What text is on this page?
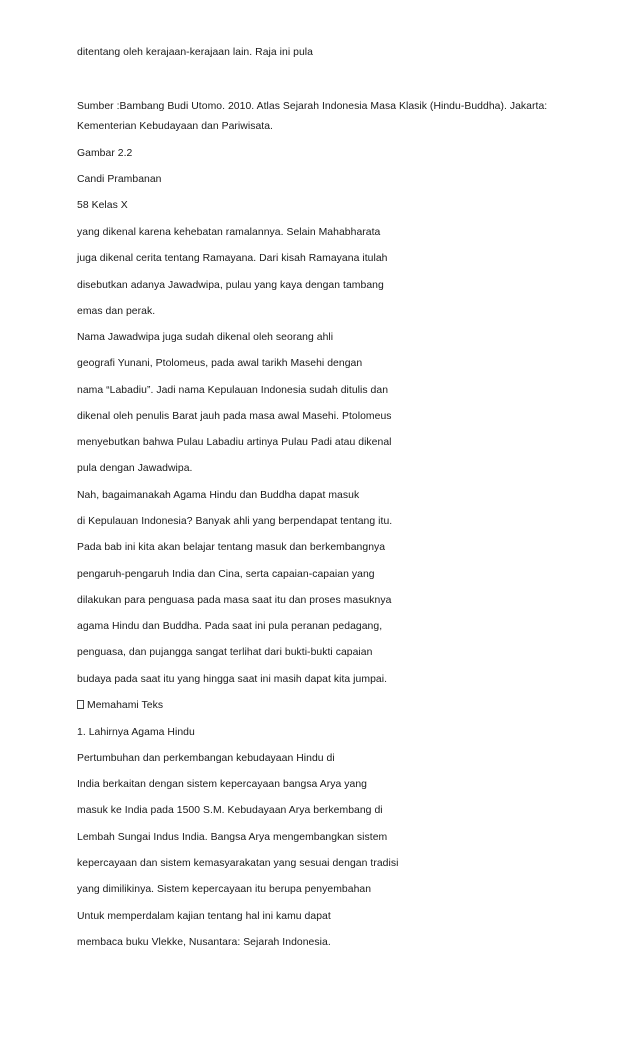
ditentang oleh kerajaan-kerajaan lain. Raja ini pula
Sumber :Bambang Budi Utomo. 2010. Atlas Sejarah Indonesia Masa Klasik (Hindu-Buddha). Jakarta:
Kementerian Kebudayaan dan Pariwisata.
Gambar 2.2
Candi Prambanan
58 Kelas X
yang dikenal karena kehebatan ramalannya. Selain Mahabharata
juga dikenal cerita tentang Ramayana. Dari kisah Ramayana itulah
disebutkan adanya Jawadwipa, pulau yang kaya dengan tambang
emas dan perak.
Nama Jawadwipa juga sudah dikenal oleh seorang ahli
geografi Yunani, Ptolomeus, pada awal tarikh Masehi dengan
nama “Labadiu”. Jadi nama Kepulauan Indonesia sudah ditulis dan
dikenal oleh penulis Barat jauh pada masa awal Masehi. Ptolomeus
menyebutkan bahwa Pulau Labadiu artinya Pulau Padi atau dikenal
pula dengan Jawadwipa.
Nah, bagaimanakah Agama Hindu dan Buddha dapat masuk
di Kepulauan Indonesia? Banyak ahli yang berpendapat tentang itu.
Pada bab ini kita akan belajar tentang masuk dan berkembangnya
pengaruh-pengaruh India dan Cina, serta capaian-capaian yang
dilakukan para penguasa pada masa saat itu dan proses masuknya
agama Hindu dan Buddha. Pada saat ini pula peranan pedagang,
penguasa, dan pujangga sangat terlihat dari bukti-bukti capaian
budaya pada saat itu yang hingga saat ini masih dapat kita jumpai.
Memahami Teks
1. Lahirnya Agama Hindu
Pertumbuhan dan perkembangan kebudayaan Hindu di
India berkaitan dengan sistem kepercayaan bangsa Arya yang
masuk ke India pada 1500 S.M. Kebudayaan Arya berkembang di
Lembah Sungai Indus India. Bangsa Arya mengembangkan sistem
kepercayaan dan sistem kemasyarakatan yang sesuai dengan tradisi
yang dimilikinya. Sistem kepercayaan itu berupa penyembahan
Untuk memperdalam kajian tentang hal ini kamu dapat
membaca buku Vlekke, Nusantara: Sejarah Indonesia.
